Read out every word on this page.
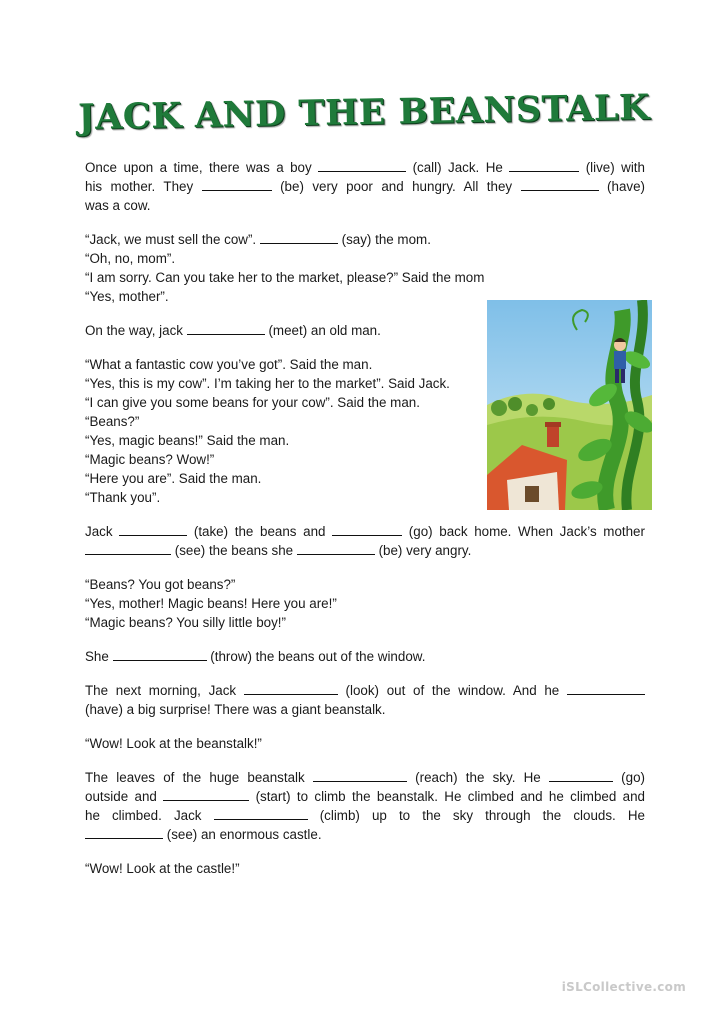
JACK AND THE BEANSTALK

Once upon a time, there was a boy	(call) Jack. He	(live) with

his mother. They	(be) very poor and hungry. All they	(have)

was a cow.

“Jack, we must sell the cow”.	(say) the mom.

“Oh, no, mom”.

“I am sorry. Can you take her to the market, please?” Said the mom

“Yes, mother”.

On the way, jack	(meet) an old man.

“What a fantastic cow you’ve got”. Said the man.

“Yes, this is my cow”. I’m taking her to the market”. Said Jack.

“I can give you some beans for your cow”. Said the man.

“Beans?”

“Yes, magic beans!” Said the man.

“Magic beans? Wow!”

“Here you are”. Said the man.

“Thank you”.

Jack	(take) the beans and	(go) back home. When Jack’s mother

(see) the beans she	(be) very angry.

“Beans? You got beans?”

“Yes, mother! Magic beans! Here you are!”

“Magic beans? You silly little boy!”

She	(throw) the beans out of the window.

The next morning, Jack	(look) out of the window. And he

(have) a big surprise! There was a giant beanstalk.

“Wow! Look at the beanstalk!”

The leaves of the huge beanstalk	(reach) the sky. He	(go)

outside and	(start) to climb the beanstalk. He climbed and he climbed and

he climbed. Jack	(climb) up to the sky through the clouds. He

(see) an enormous castle.

“Wow! Look at the castle!”

iSLCollective.com
